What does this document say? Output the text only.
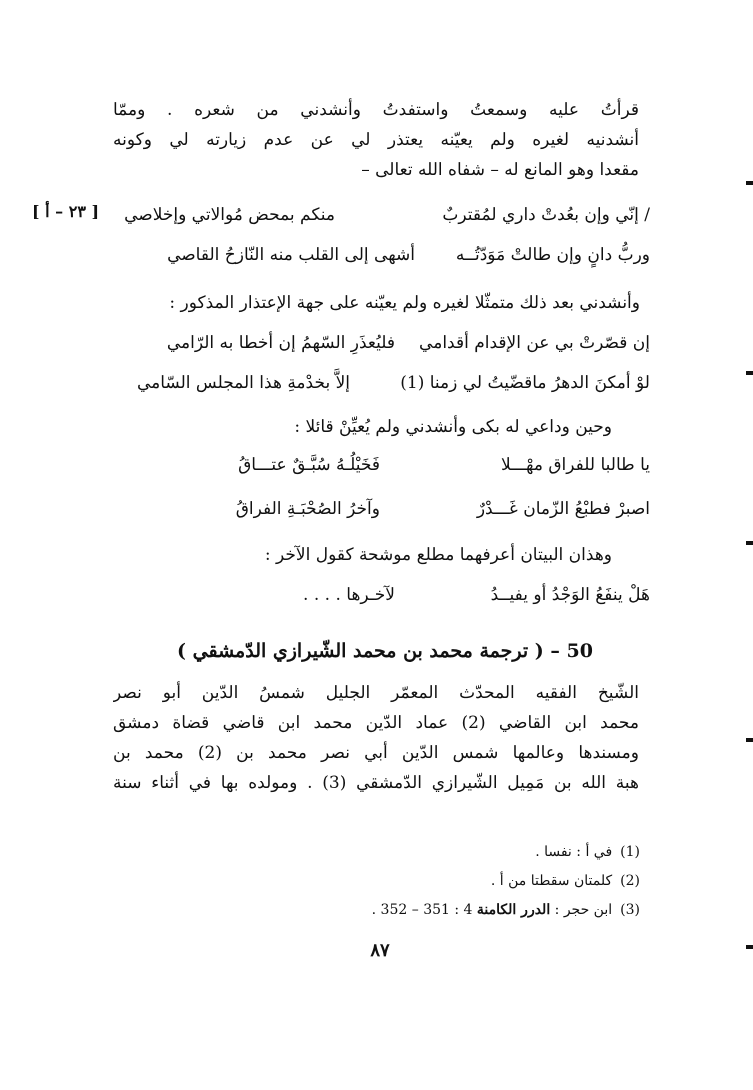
قرأتُ عليه وسمعتُ واستفدتُ وأنشدني من شعره . وممّا
أنشدنيه لغيره ولم يعيّنه يعتذر لي عن عدم زيارته لي وكونه
مقعدا وهو المانع له – شفاه الله تعالى –
[ ٢٣ – أ ]	/ إنّي وإن بعُدتْ داري لمُقتربٌ
منكم بمحض مُوالاتي وإخلاصي
وربُّ دانٍ وإن طالتْ مَوَدّتُــه
أشهى إلى القلب منه النّازحُ القاصي
وأنشدني بعد ذلك متمثّلا لغيره ولم يعيّنه على جهة الإعتذار المذكور :
إن قصّرتْ بي عن الإقدام أقدامي
فليُعذَرِ السّهمُ إن أخطا به الرّامي
لوْ أمكنَ الدهرُ ماقضّيتُ لي زمنا (1)
إلاَّ بخدْمةِ هذا المجلس السّامي
وحين وداعي له بكى وأنشدني ولم يُعيِّنْ قائلا :
يا طالبا للفراق مهْـــلا
فَخَيْلُـهُ سُبَّـقٌ عتـــاقُ
اصبرْ فطبْعُ الزّمان غَـــدْرٌ
وآخرُ الصُحْبَـةِ الفراقُ
وهذان البيتان أعرفهما مطلع موشحة كقول الآخر :
هَلْ ينفَعُ الوَجْدُ أو يفيــدُ
لآخـرها . . . .
50 – ( ترجمة محمد بن محمد الشّيرازي الدّمشقي )
الشّيخ الفقيه المحدّث المعمّر الجليل شمسُ الدّين أبو نصر
محمد ابن القاضي (2) عماد الدّين محمد ابن قاضي قضاة دمشق
ومسندها وعالمها شمس الدّين أبي نصر محمد بن (2) محمد بن
هبة الله بن مَمِيل الشّيرازي الدّمشقي (3) . ومولده بها في أثناء سنة
(1)في أ : نفسا .
(2)كلمتان سقطتا من أ .
(3)ابن حجر : الدرر الكامنة 4 : 351 – 352 .
٨٧
